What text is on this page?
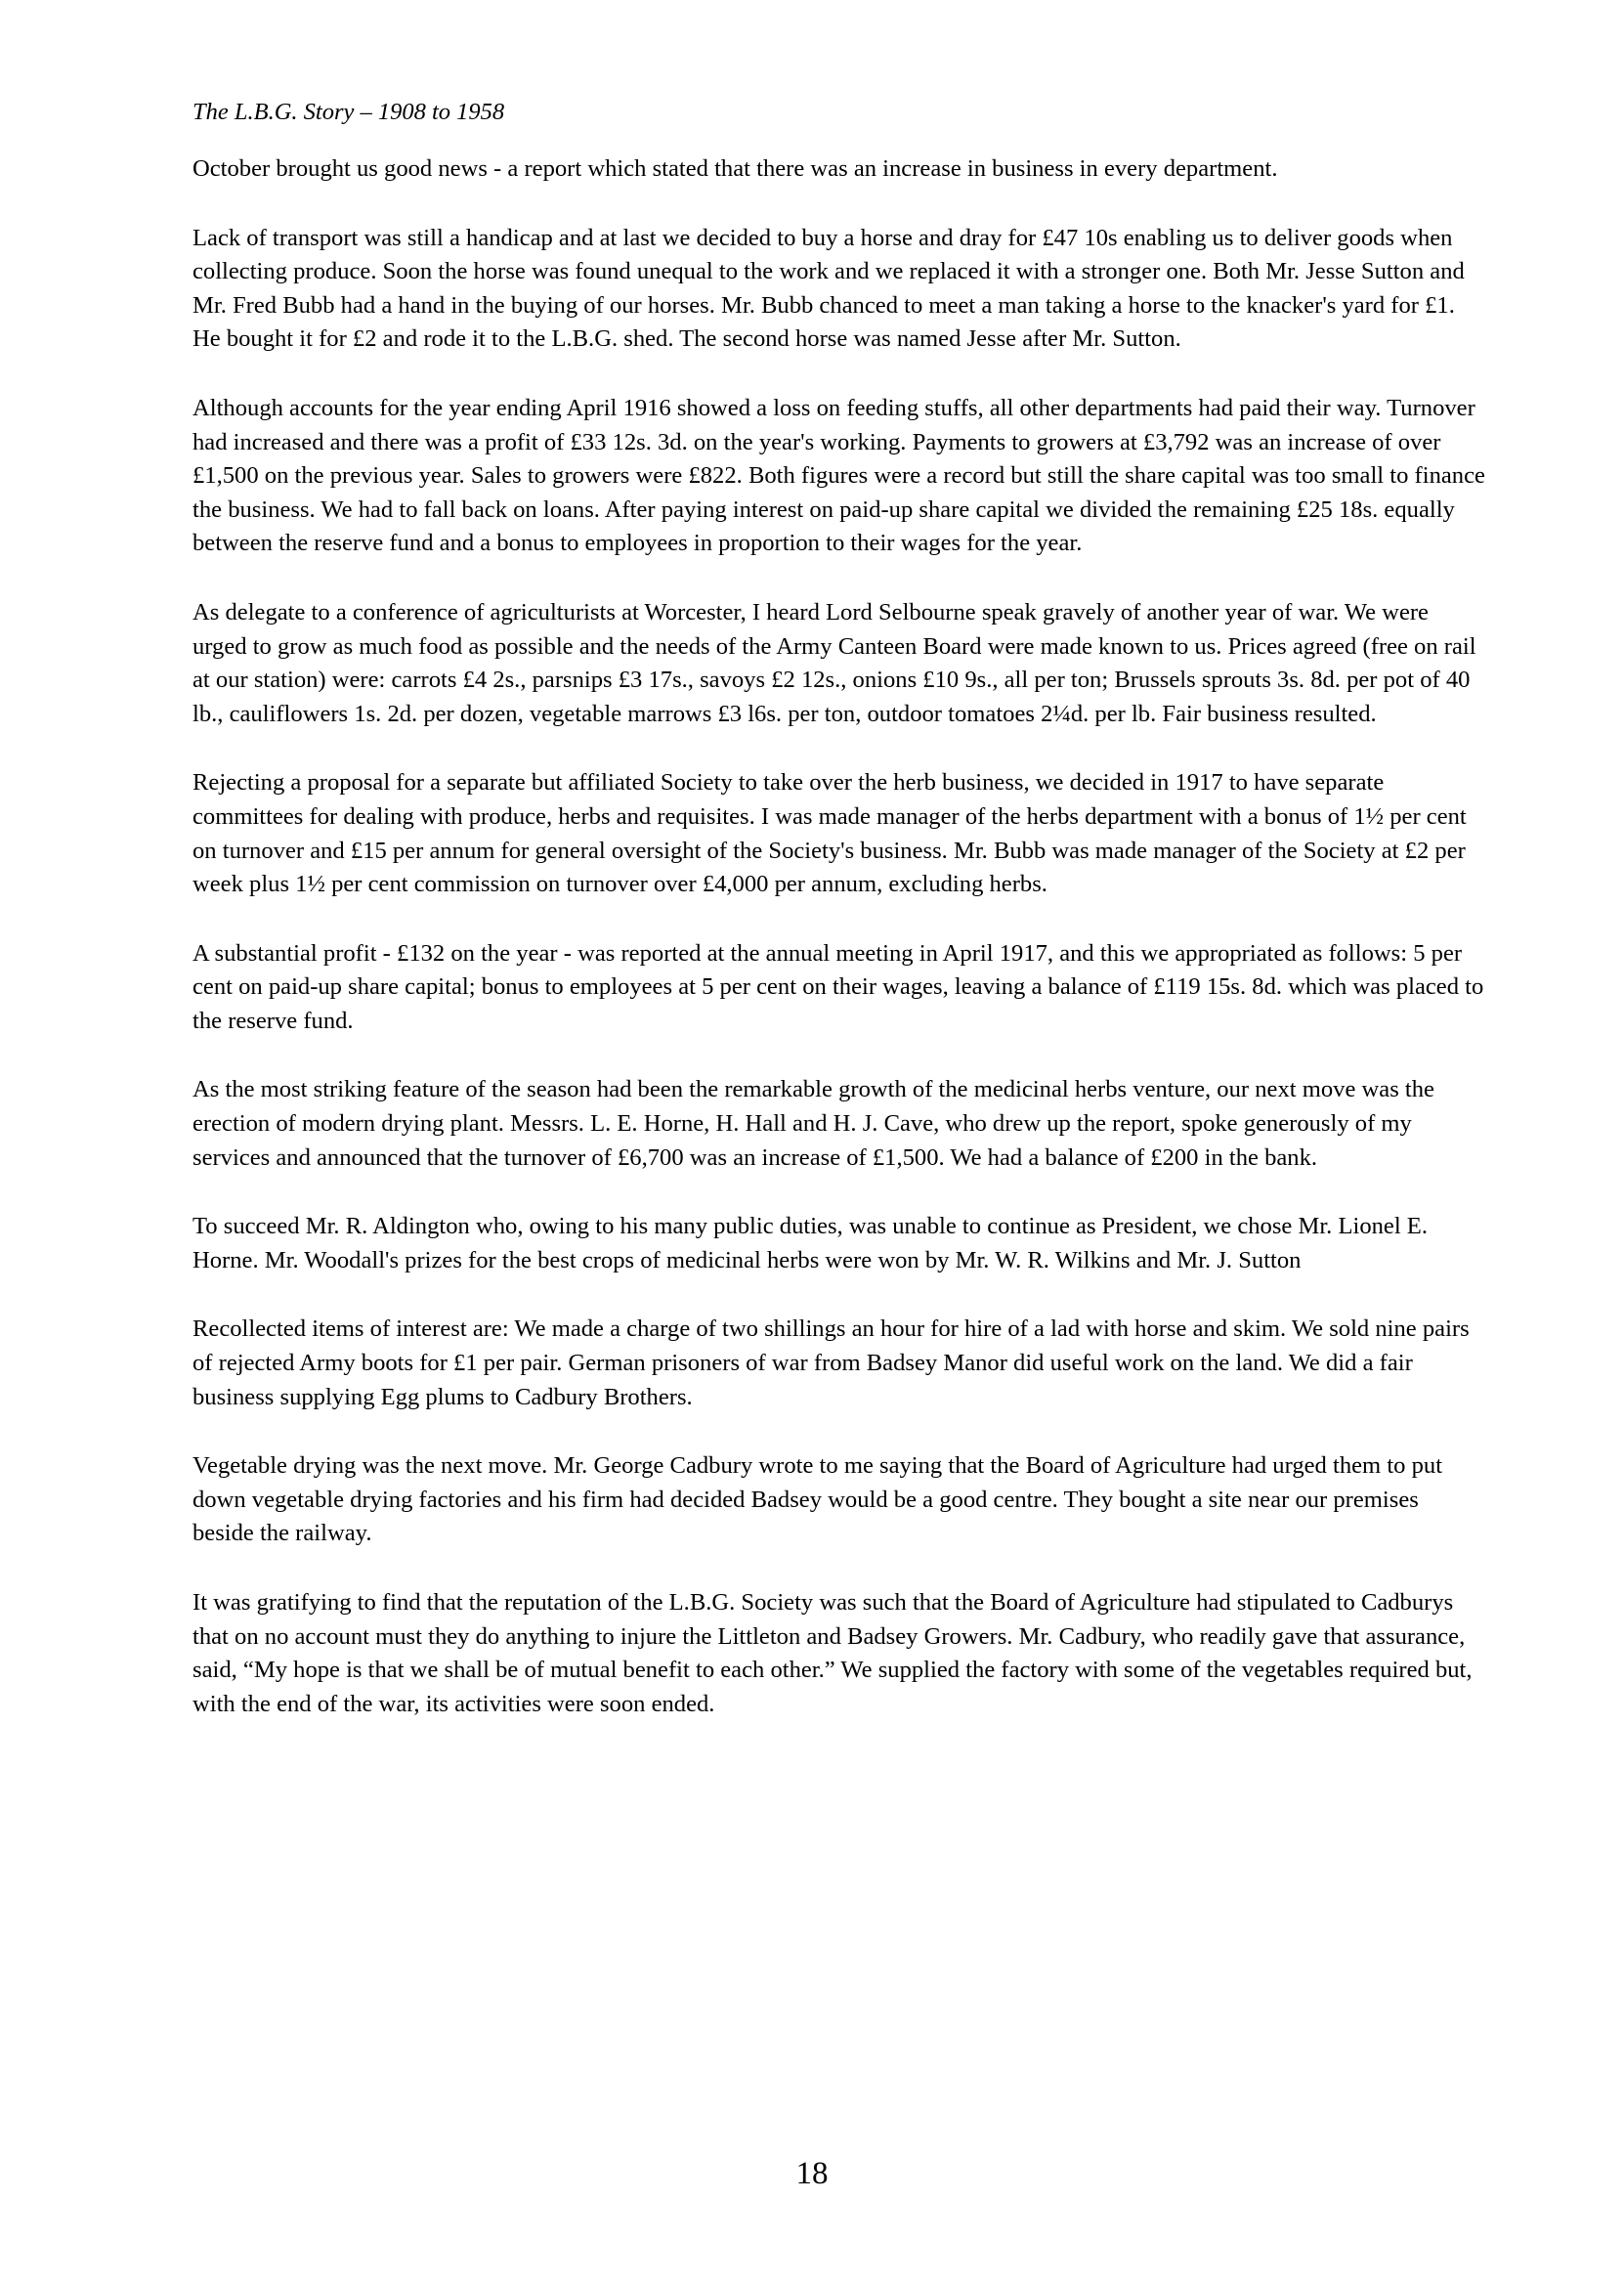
The L.B.G. Story – 1908 to 1958

October brought us good news - a report which stated that there was an increase in business in every department.

Lack of transport was still a handicap and at last we decided to buy a horse and dray for £47 10s enabling us to deliver goods when collecting produce. Soon the horse was found unequal to the work and we replaced it with a stronger one. Both Mr. Jesse Sutton and Mr. Fred Bubb had a hand in the buying of our horses. Mr. Bubb chanced to meet a man taking a horse to the knacker's yard for £1. He bought it for £2 and rode it to the L.B.G. shed. The second horse was named Jesse after Mr. Sutton.

Although accounts for the year ending April 1916 showed a loss on feeding stuffs, all other departments had paid their way. Turnover had increased and there was a profit of £33 12s. 3d. on the year's working. Payments to growers at £3,792 was an increase of over £1,500 on the previous year. Sales to growers were £822. Both figures were a record but still the share capital was too small to finance the business. We had to fall back on loans. After paying interest on paid-up share capital we divided the remaining £25 18s. equally between the reserve fund and a bonus to employees in proportion to their wages for the year.

As delegate to a conference of agriculturists at Worcester, I heard Lord Selbourne speak gravely of another year of war. We were urged to grow as much food as possible and the needs of the Army Canteen Board were made known to us. Prices agreed (free on rail at our station) were: carrots £4 2s., parsnips £3 17s., savoys £2 12s., onions £10 9s., all per ton; Brussels sprouts 3s. 8d. per pot of 40 lb., cauliflowers 1s. 2d. per dozen, vegetable marrows £3 l6s. per ton, outdoor tomatoes 2¼d. per lb. Fair business resulted.

Rejecting a proposal for a separate but affiliated Society to take over the herb business, we decided in 1917 to have separate committees for dealing with produce, herbs and requisites. I was made manager of the herbs department with a bonus of 1½ per cent on turnover and £15 per annum for general oversight of the Society's business. Mr. Bubb was made manager of the Society at £2 per week plus 1½ per cent commission on turnover over £4,000 per annum, excluding herbs.

A substantial profit - £132 on the year - was reported at the annual meeting in April 1917, and this we appropriated as follows: 5 per cent on paid-up share capital; bonus to employees at 5 per cent on their wages, leaving a balance of £119 15s. 8d. which was placed to the reserve fund.

As the most striking feature of the season had been the remarkable growth of the medicinal herbs venture, our next move was the erection of modern drying plant. Messrs. L. E. Horne, H. Hall and H. J. Cave, who drew up the report, spoke generously of my services and announced that the turnover of £6,700 was an increase of £1,500. We had a balance of £200 in the bank.

To succeed Mr. R. Aldington who, owing to his many public duties, was unable to continue as President, we chose Mr. Lionel E. Horne. Mr. Woodall's prizes for the best crops of medicinal herbs were won by Mr. W. R. Wilkins and Mr. J. Sutton

Recollected items of interest are: We made a charge of two shillings an hour for hire of a lad with horse and skim. We sold nine pairs of rejected Army boots for £1 per pair. German prisoners of war from Badsey Manor did useful work on the land. We did a fair business supplying Egg plums to Cadbury Brothers.

Vegetable drying was the next move. Mr. George Cadbury wrote to me saying that the Board of Agriculture had urged them to put down vegetable drying factories and his firm had decided Badsey would be a good centre. They bought a site near our premises beside the railway.

It was gratifying to find that the reputation of the L.B.G. Society was such that the Board of Agriculture had stipulated to Cadburys that on no account must they do anything to injure the Littleton and Badsey Growers. Mr. Cadbury, who readily gave that assurance, said, “My hope is that we shall be of mutual benefit to each other.” We supplied the factory with some of the vegetables required but, with the end of the war, its activities were soon ended.

18
